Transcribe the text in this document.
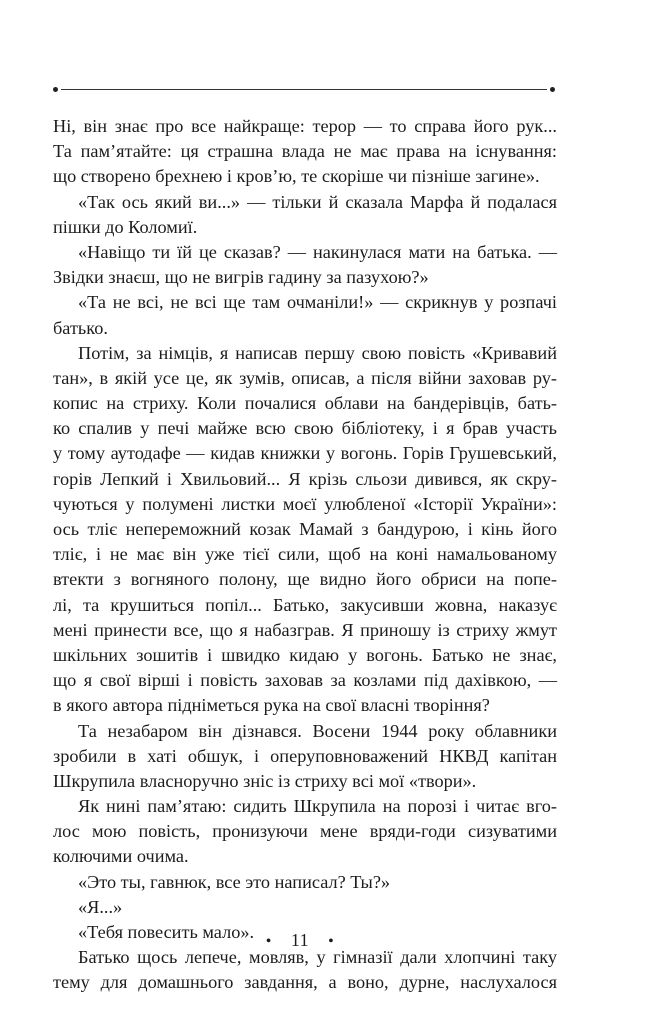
Ні, він знає про все найкраще: терор — то справа його рук...
Та пам’ятайте: ця страшна влада не має права на існування:
що створено брехнею і кров’ю, те скоріше чи пізніше загине».
«Так ось який ви...» — тільки й сказала Марфа й подалася
пішки до Коломиї.
«Навіщо ти їй це сказав? — накинулася мати на батька. —
Звідки знаєш, що не вигрів гадину за пазухою?»
«Та не всі, не всі ще там очманіли!» — скрикнув у розпачі
батько.
Потім, за німців, я написав першу свою повість «Кривавий
тан», в якій усе це, як зумів, описав, а після війни заховав ру-
копис на стриху. Коли почалися облави на бандерівців, бать-
ко спалив у печі майже всю свою бібліотеку, і я брав участь
у тому аутодафе — кидав книжки у вогонь. Горів Грушевський,
горів Лепкий і Хвильовий... Я крізь сльози дивився, як скру-
чуються у полумені листки моєї улюбленої «Історії України»:
ось тліє непереможний козак Мамай з бандурою, і кінь його
тліє, і не має він уже тієї сили, щоб на коні намальованому
втекти з вогняного полону, ще видно його обриси на попе-
лі, та крушиться попіл... Батько, закусивши жовна, наказує
мені принести все, що я набазграв. Я приношу із стриху жмут
шкільних зошитів і швидко кидаю у вогонь. Батько не знає,
що я свої вірші і повість заховав за козлами під дахівкою, —
в якого автора підніметься рука на свої власні творіння?
Та незабаром він дізнався. Восени 1944 року облавники
зробили в хаті обшук, і оперуповноважений НКВД капітан
Шкрупила власноручно зніс із стриху всі мої «твори».
Як нині пам’ятаю: сидить Шкрупила на порозі і читає вго-
лос мою повість, пронизуючи мене вряди-годи сизуватими
колючими очима.
«Это ты, гавнюк, все это написал? Ты?»
«Я...»
«Тебя повесить мало».
Батько щось лепече, мовляв, у гімназії дали хлопчині таку
тему для домашнього завдання, а воно, дурне, наслухалося
• 11 •
